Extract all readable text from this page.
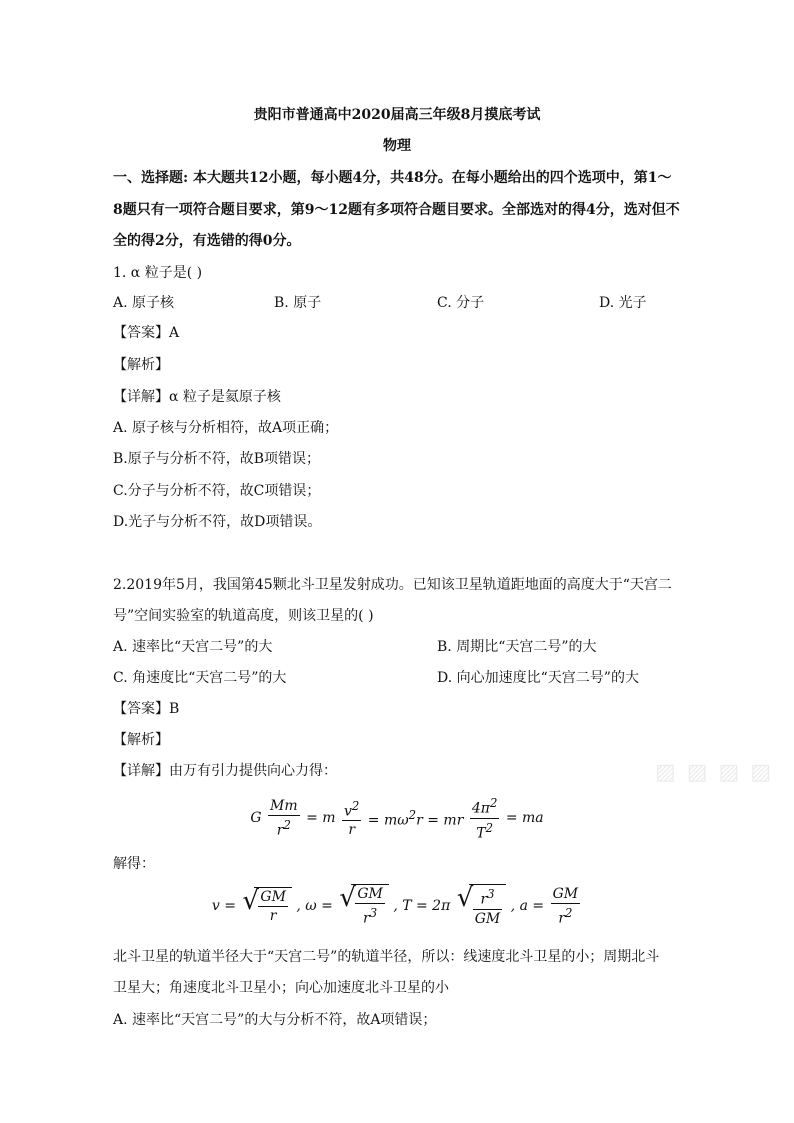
贵阳市普通高中2020届高三年级8月摸底考试
物理
一、选择题: 本大题共12小题，每小题4分，共48分。在每小题给出的四个选项中，第1～
8题只有一项符合题目要求，第9～12题有多项符合题目要求。全部选对的得4分，选对但不
全的得2分，有选错的得0分。
1. α 粒子是( )
A. 原子核	B. 原子	C. 分子	D. 光子
【答案】A
【解析】
【详解】α 粒子是氦原子核
A. 原子核与分析相符，故A项正确；
B.原子与分析不符，故B项错误；
C.分子与分析不符，故C项错误；
D.光子与分析不符，故D项错误。
2.2019年5月，我国第45颗北斗卫星发射成功。已知该卫星轨道距地面的高度大于“天宫二
号”空间实验室的轨道高度，则该卫星的( )
A. 速率比“天宫二号”的大	B. 周期比“天宫二号”的大
C. 角速度比“天宫二号”的大	D. 向心加速度比“天宫二号”的大
【答案】B
【解析】
【详解】由万有引力提供向心力得：
G $\frac{Mm}{r^2} = m \frac{v^2}{r} = m\omega^2r$ = mr $\frac{4\pi^2}{T^2}$ = ma
解得：
v = √ $\frac{GM}{r}$ , ω = √ $\frac{GM}{r^3}$ , T = 2π √ $\frac{r^3}{GM}$ , $a = \frac{GM}{r^2}$
北斗卫星的轨道半径大于“天宫二号”的轨道半径，所以：线速度北斗卫星的小；周期北斗
卫星大；角速度北斗卫星小；向心加速度北斗卫星的小
A. 速率比“天宫二号”的大与分析不符，故A项错误；
▨ ▨ ▨ ▨
